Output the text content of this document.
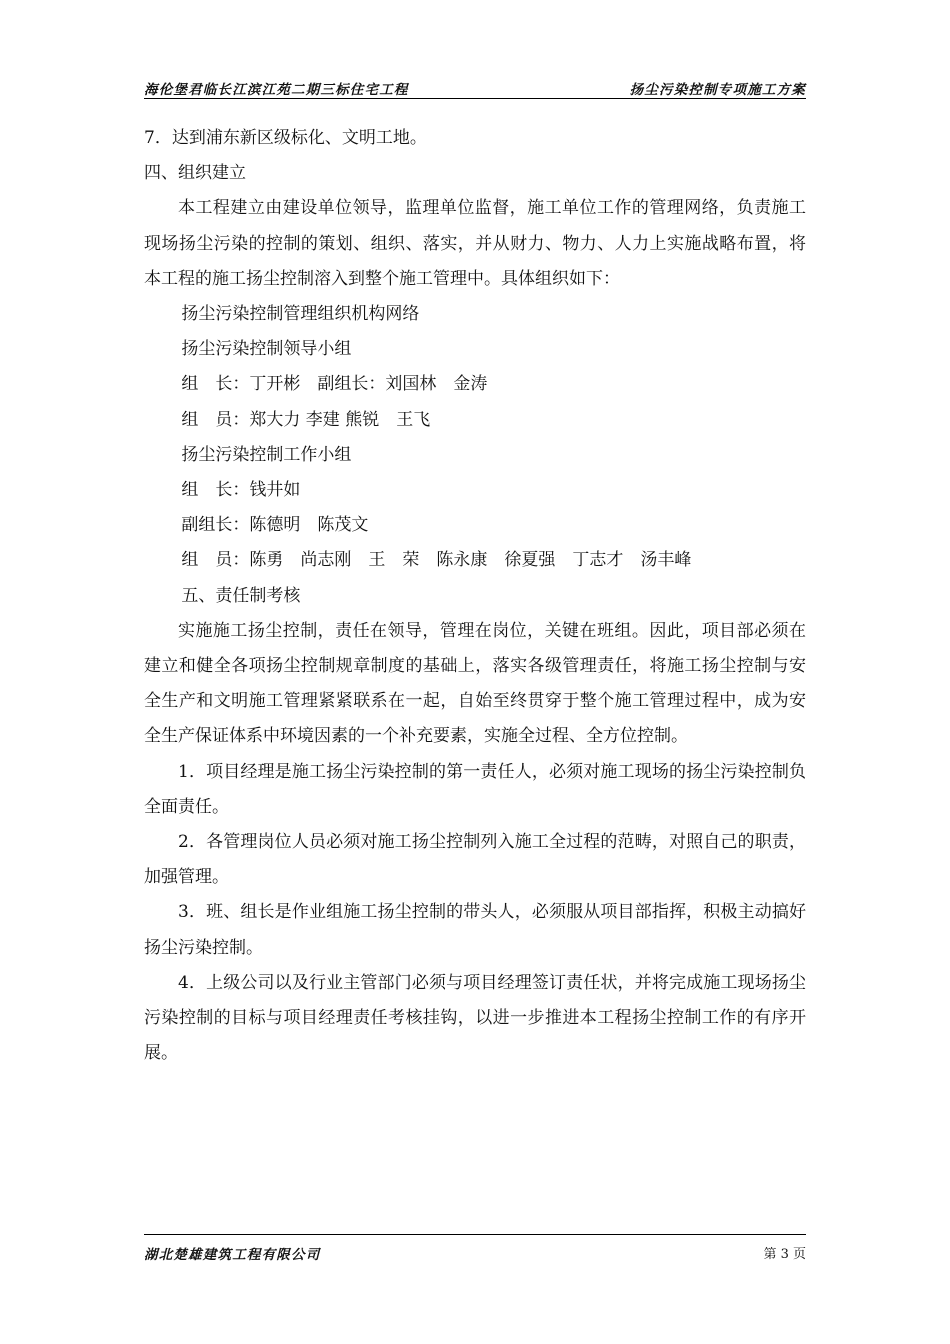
海伦堡君临长江滨江苑二期三标住宅工程	扬尘污染控制专项施工方案

7．达到浦东新区级标化、文明工地。

四、组织建立

本工程建立由建设单位领导，监理单位监督，施工单位工作的管理网络，负责施工现场扬尘污染的控制的策划、组织、落实，并从财力、物力、人力上实施战略布置，将本工程的施工扬尘控制溶入到整个施工管理中。具体组织如下：

扬尘污染控制管理组织机构网络

扬尘污染控制领导小组

组　长：丁开彬 副组长：刘国林　金涛

组　员：郑大力 李建 熊锐　王飞

扬尘污染控制工作小组

组　长：钱井如

副组长：陈德明　陈茂文

组　员：陈勇　尚志刚　王　荣　陈永康　徐夏强　丁志才　汤丰峰

五、责任制考核

实施施工扬尘控制，责任在领导，管理在岗位，关键在班组。因此，项目部必须在建立和健全各项扬尘控制规章制度的基础上，落实各级管理责任，将施工扬尘控制与安全生产和文明施工管理紧紧联系在一起，自始至终贯穿于整个施工管理过程中，成为安全生产保证体系中环境因素的一个补充要素，实施全过程、全方位控制。

1．项目经理是施工扬尘污染控制的第一责任人，必须对施工现场的扬尘污染控制负全面责任。

2．各管理岗位人员必须对施工扬尘控制列入施工全过程的范畴，对照自己的职责，加强管理。

3．班、组长是作业组施工扬尘控制的带头人，必须服从项目部指挥，积极主动搞好扬尘污染控制。

4．上级公司以及行业主管部门必须与项目经理签订责任状，并将完成施工现场扬尘污染控制的目标与项目经理责任考核挂钩，以进一步推进本工程扬尘控制工作的有序开展。

湖北楚雄建筑工程有限公司	第 3 页
